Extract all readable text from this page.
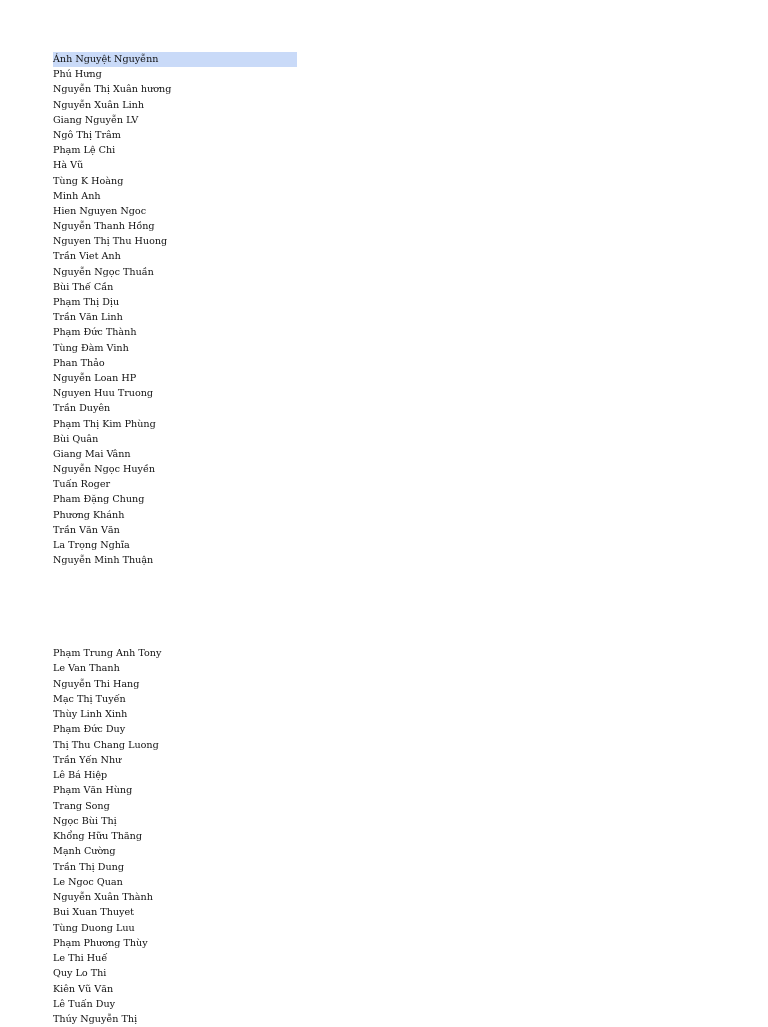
Ánh Nguyệt Nguyễnn
Phú Hưng
Nguyễn Thị Xuân hương
Nguyễn Xuân Linh
Giang Nguyễn LV
Ngô Thị Trâm
Phạm Lệ Chi
Hà Vũ
Tùng K Hoàng
Minh Anh
Hien Nguyen Ngoc
Nguyễn Thanh Hồng
Nguyen Thị Thu Huong
Trần Viet Anh
Nguyễn Ngọc Thuần
Bùi Thế Cần
Phạm Thị Dịu
Trần Văn Linh
Phạm Đức Thành
Tùng Đàm Vinh
Phan Thảo
Nguyễn Loan HP
Nguyen Huu Truong
Trần Duyên
Phạm Thị Kim Phùng
Bùi Quân
Giang Mai Vânn
Nguyễn Ngọc Huyền
Tuấn Roger
Pham Đặng Chung
Phương Khánh
Trần Văn Văn
La Trọng Nghĩa
Nguyễn Minh Thuận
Phạm Trung Anh Tony
Le Van Thanh
Nguyễn Thi Hang
Mạc Thị Tuyến
Thùy Linh Xinh
Phạm Đức Duy
Thị Thu Chang Luong
Trần Yến Như
Lê Bá Hiệp
Phạm Văn Hùng
Trang Song
Ngọc Bùi Thị
Khổng Hữu Thăng
Mạnh Cường
Trần Thị Dung
Le Ngoc Quan
Nguyễn Xuân Thành
Bui Xuan Thuyet
Tùng Duong Luu
Phạm Phương Thùy
Le Thi Huế
Quy Lo Thi
Kiên Vũ Văn
Lê Tuấn Duy
Thúy Nguyễn Thị
